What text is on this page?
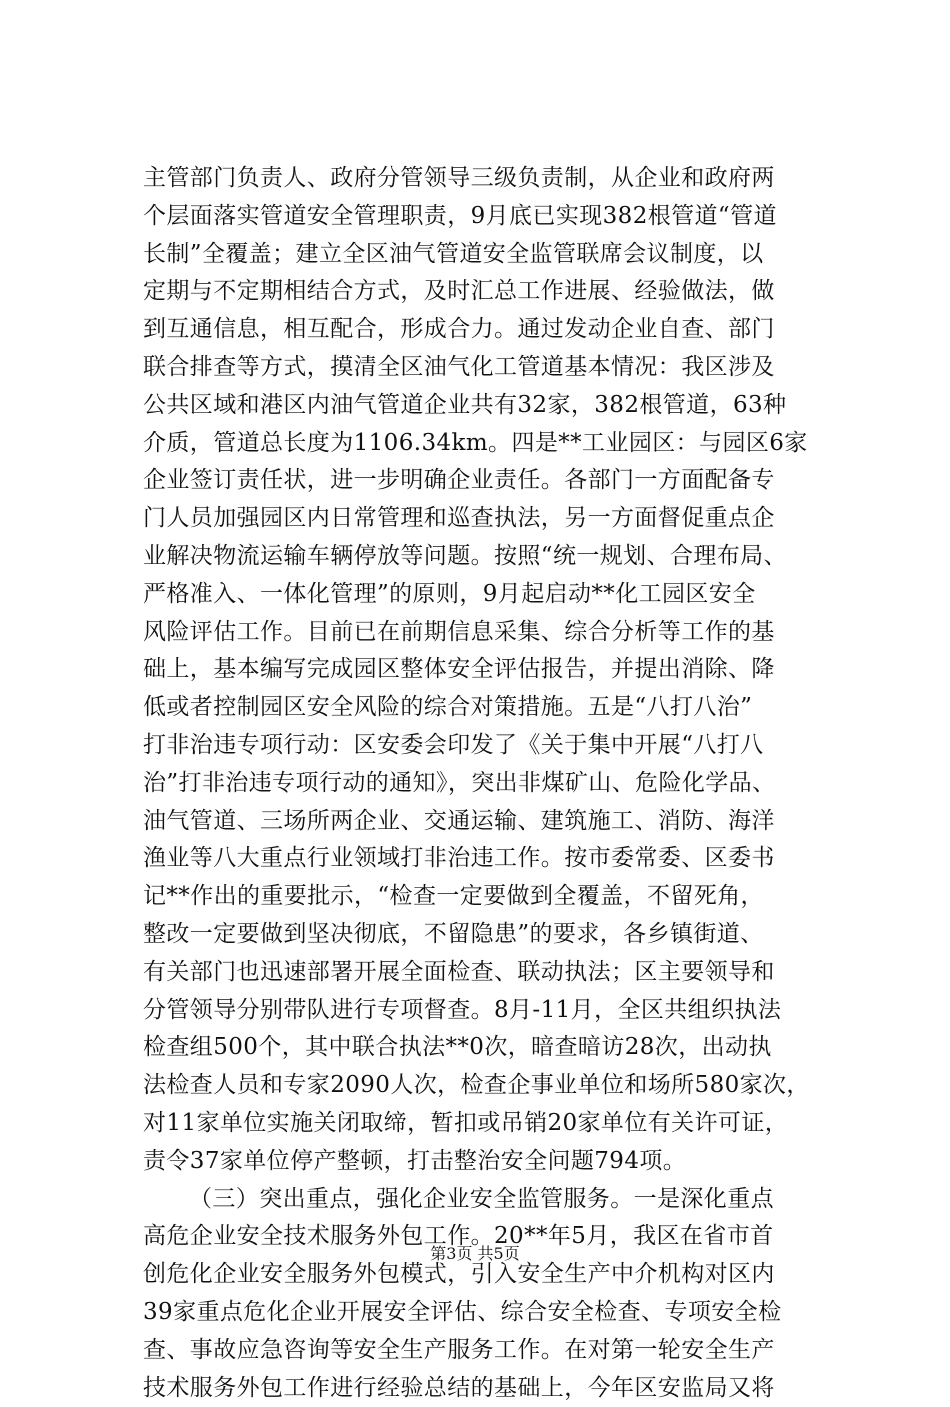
主管部门负责人、政府分管领导三级负责制，从企业和政府两
个层面落实管道安全管理职责，9月底已实现382根管道“管道
长制”全覆盖；建立全区油气管道安全监管联席会议制度，以
定期与不定期相结合方式，及时汇总工作进展、经验做法，做
到互通信息，相互配合，形成合力。通过发动企业自查、部门
联合排查等方式，摸清全区油气化工管道基本情况：我区涉及
公共区域和港区内油气管道企业共有32家，382根管道，63种
介质，管道总长度为1106.34km。四是**工业园区：与园区6家
企业签订责任状，进一步明确企业责任。各部门一方面配备专
门人员加强园区内日常管理和巡查执法，另一方面督促重点企
业解决物流运输车辆停放等问题。按照“统一规划、合理布局、
严格准入、一体化管理”的原则，9月起启动**化工园区安全
风险评估工作。目前已在前期信息采集、综合分析等工作的基
础上，基本编写完成园区整体安全评估报告，并提出消除、降
低或者控制园区安全风险的综合对策措施。五是“八打八治”
打非治违专项行动：区安委会印发了《关于集中开展“八打八
治”打非治违专项行动的通知》，突出非煤矿山、危险化学品、
油气管道、三场所两企业、交通运输、建筑施工、消防、海洋
渔业等八大重点行业领域打非治违工作。按市委常委、区委书
记**作出的重要批示，“检查一定要做到全覆盖，不留死角，
整改一定要做到坚决彻底，不留隐患”的要求，各乡镇街道、
有关部门也迅速部署开展全面检查、联动执法；区主要领导和
分管领导分别带队进行专项督查。8月-11月，全区共组织执法
检查组500个，其中联合执法**0次，暗查暗访28次，出动执
法检查人员和专家2090人次，检查企事业单位和场所580家次，
对11家单位实施关闭取缔，暂扣或吊销20家单位有关许可证，
责令37家单位停产整顿，打击整治安全问题794项。
（三）突出重点，强化企业安全监管服务。一是深化重点
高危企业安全技术服务外包工作。20**年5月，我区在省市首
创危化企业安全服务外包模式，引入安全生产中介机构对区内
39家重点危化企业开展安全评估、综合安全检查、专项安全检
查、事故应急咨询等安全生产服务工作。在对第一轮安全生产
技术服务外包工作进行经验总结的基础上，今年区安监局又将
第3页 共5页
